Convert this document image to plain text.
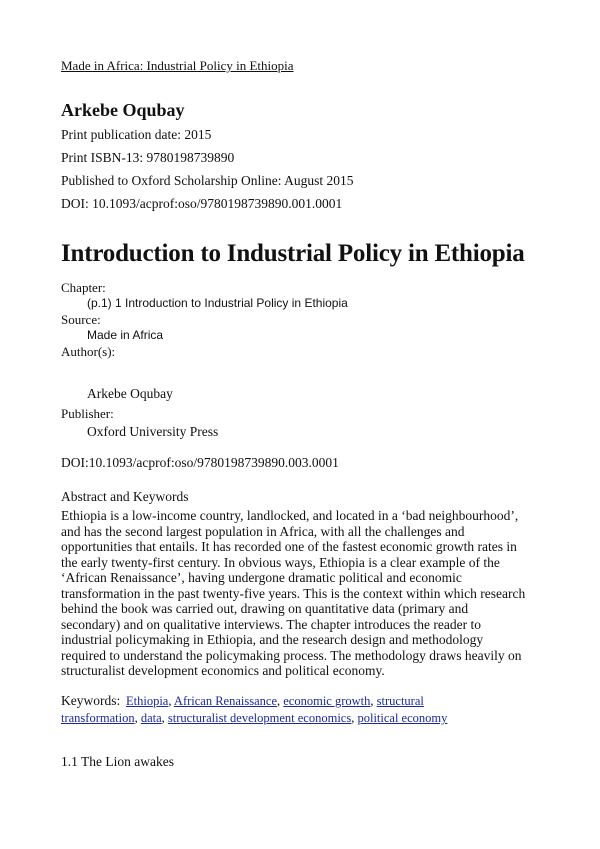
Made in Africa: Industrial Policy in Ethiopia
Arkebe Oqubay
Print publication date: 2015
Print ISBN-13: 9780198739890
Published to Oxford Scholarship Online: August 2015
DOI: 10.1093/acprof:oso/9780198739890.001.0001
Introduction to Industrial Policy in Ethiopia
Chapter:
(p.1) 1 Introduction to Industrial Policy in Ethiopia
Source:
Made in Africa
Author(s):
Arkebe Oqubay
Publisher:
Oxford University Press
DOI:10.1093/acprof:oso/9780198739890.003.0001
Abstract and Keywords
Ethiopia is a low-income country, landlocked, and located in a ‘bad neighbourhood’,
and has the second largest population in Africa, with all the challenges and
opportunities that entails. It has recorded one of the fastest economic growth rates in
the early twenty-first century. In obvious ways, Ethiopia is a clear example of the
‘African Renaissance’, having undergone dramatic political and economic
transformation in the past twenty-five years. This is the context within which research
behind the book was carried out, drawing on quantitative data (primary and
secondary) and on qualitative interviews. The chapter introduces the reader to
industrial policymaking in Ethiopia, and the research design and methodology
required to understand the policymaking process. The methodology draws heavily on
structuralist development economics and political economy.
Keywords: Ethiopia, African Renaissance, economic growth, structural
transformation, data, structuralist development economics, political economy
1.1 The Lion awakes
